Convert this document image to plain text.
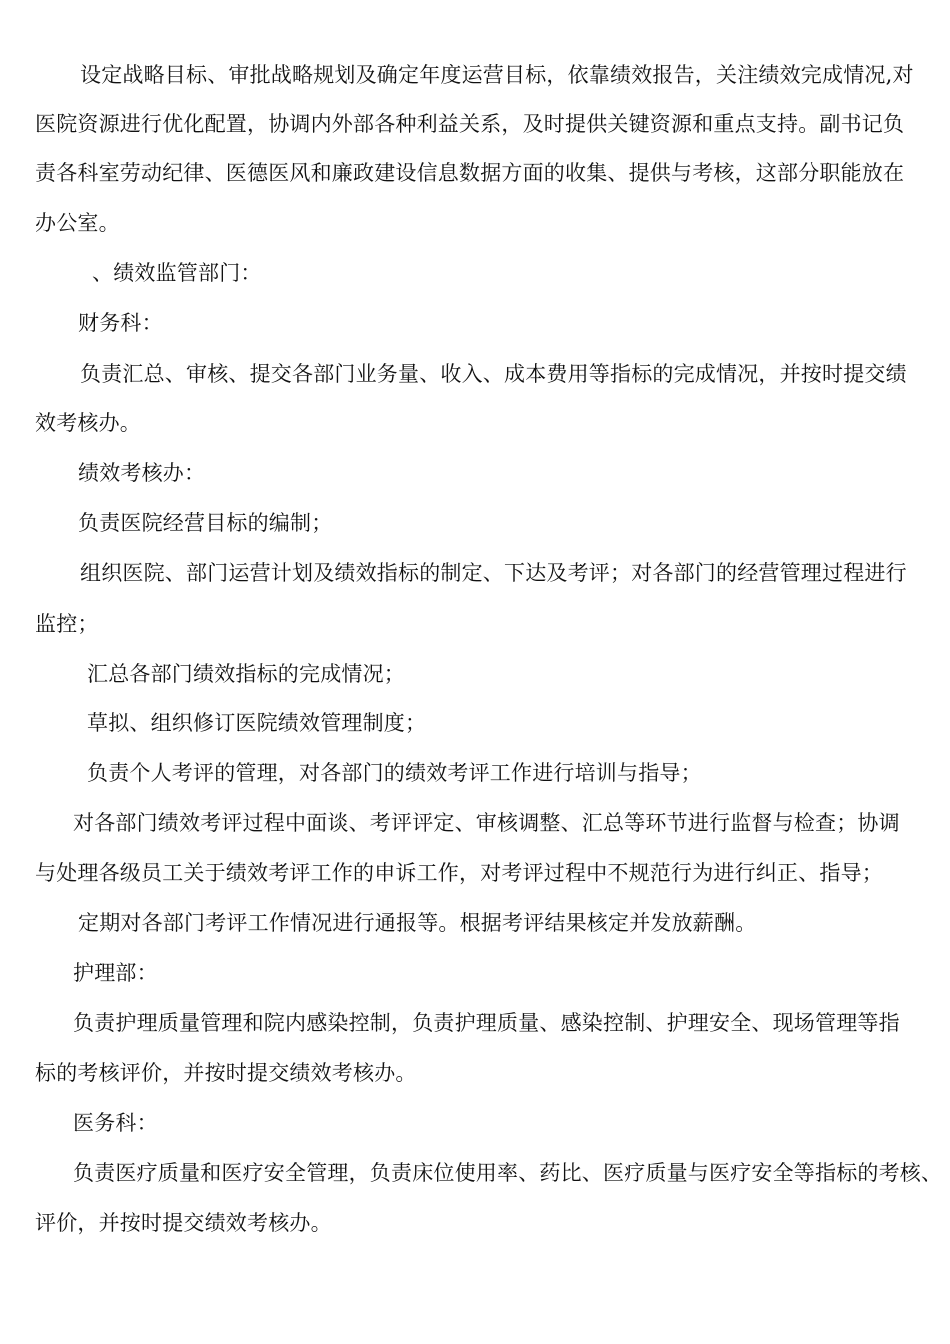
设定战略目标、审批战略规划及确定年度运营目标，依靠绩效报告，关注绩效完成情况,对
医院资源进行优化配置，协调内外部各种利益关系，及时提供关键资源和重点支持。副书记负
责各科室劳动纪律、医德医风和廉政建设信息数据方面的收集、提供与考核，这部分职能放在
办公室。
、绩效监管部门：
财务科：
负责汇总、审核、提交各部门业务量、收入、成本费用等指标的完成情况，并按时提交绩
效考核办。
绩效考核办：
负责医院经营目标的编制；
组织医院、部门运营计划及绩效指标的制定、下达及考评；对各部门的经营管理过程进行
监控；
汇总各部门绩效指标的完成情况；
草拟、组织修订医院绩效管理制度；
负责个人考评的管理，对各部门的绩效考评工作进行培训与指导；
对各部门绩效考评过程中面谈、考评评定、审核调整、汇总等环节进行监督与检查；协调
与处理各级员工关于绩效考评工作的申诉工作，对考评过程中不规范行为进行纠正、指导；
定期对各部门考评工作情况进行通报等。根据考评结果核定并发放薪酬。
护理部：
负责护理质量管理和院内感染控制，负责护理质量、感染控制、护理安全、现场管理等指
标的考核评价，并按时提交绩效考核办。
医务科：
负责医疗质量和医疗安全管理，负责床位使用率、药比、医疗质量与医疗安全等指标的考核、
评价，并按时提交绩效考核办。
